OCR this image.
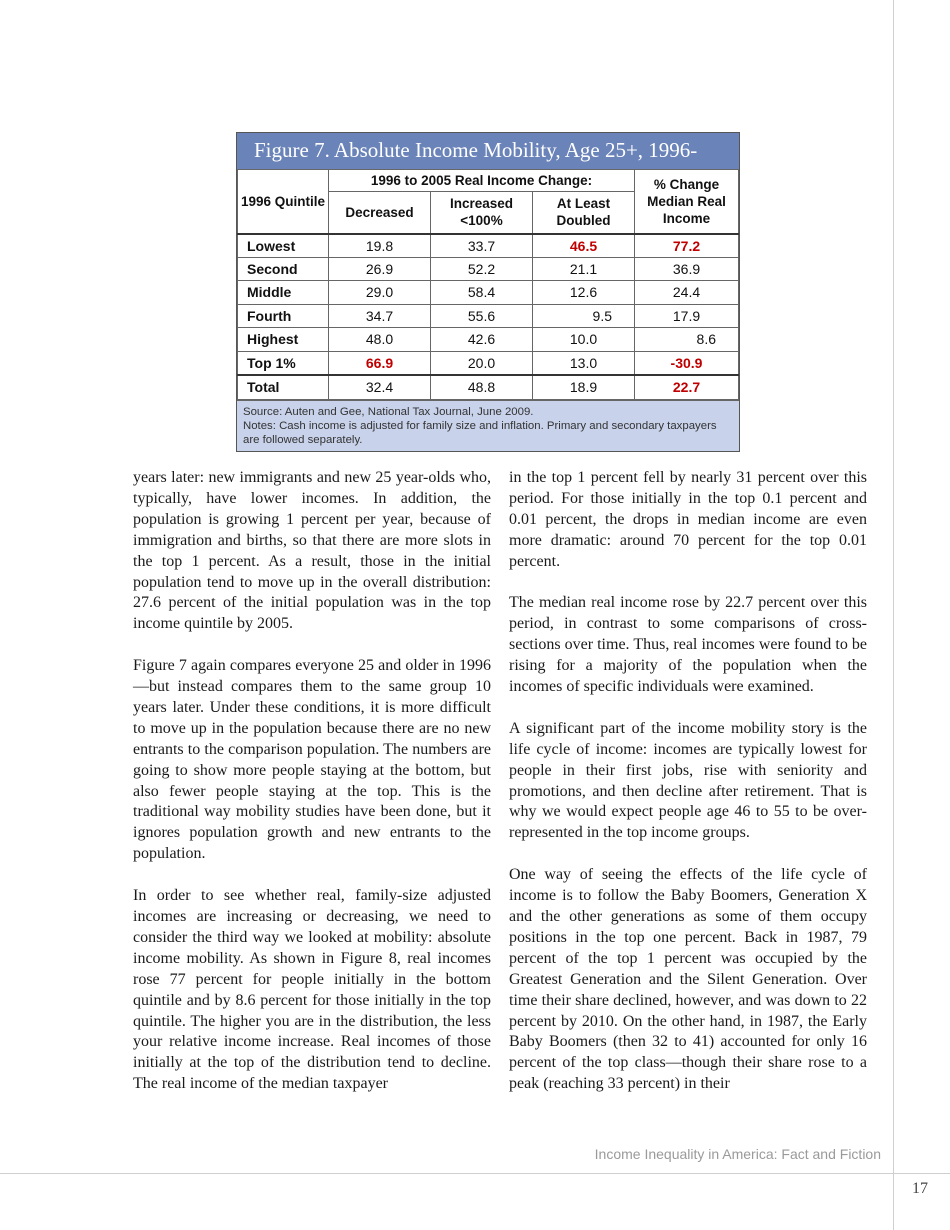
Figure 7. Absolute Income Mobility, Age 25+, 1996-2005
1996 Quintile	1996 to 2005 Real Income Change:			% Change Median Real Income
	Decreased	Increased <100%	At Least Doubled	
Lowest	19.8	33.7	46.5	77.2
Second	26.9	52.2	21.1	36.9
Middle	29.0	58.4	12.6	24.4
Fourth	34.7	55.6	9.5	17.9
Highest	48.0	42.6	10.0	8.6
Top 1%	66.9	20.0	13.0	-30.9
Total	32.4	48.8	18.9	22.7
Source: Auten and Gee, National Tax Journal, June 2009.
Notes: Cash income is adjusted for family size and inflation. Primary and secondary taxpayers are followed separately.

years later: new immigrants and new 25 year-olds who, typically, have lower incomes. In addition, the population is growing 1 percent per year, because of immigration and births, so that there are more slots in the top 1 percent. As a result, those in the initial population tend to move up in the overall distribution: 27.6 percent of the initial population was in the top income quintile by 2005.

Figure 7 again compares everyone 25 and older in 1996—but instead compares them to the same group 10 years later. Under these conditions, it is more difficult to move up in the population because there are no new entrants to the comparison population. The numbers are going to show more people staying at the bottom, but also fewer people staying at the top. This is the traditional way mobility studies have been done, but it ignores population growth and new entrants to the population.

In order to see whether real, family-size adjusted incomes are increasing or decreasing, we need to consider the third way we looked at mobility: absolute income mobility. As shown in Figure 8, real incomes rose 77 percent for people initially in the bottom quintile and by 8.6 percent for those initially in the top quintile. The higher you are in the distribution, the less your relative income increase. Real incomes of those initially at the top of the distribution tend to decline. The real income of the median taxpayer

in the top 1 percent fell by nearly 31 percent over this period. For those initially in the top 0.1 percent and 0.01 percent, the drops in median income are even more dramatic: around 70 percent for the top 0.01 percent.

The median real income rose by 22.7 percent over this period, in contrast to some comparisons of cross-sections over time. Thus, real incomes were found to be rising for a majority of the population when the incomes of specific individuals were examined.

A significant part of the income mobility story is the life cycle of income: incomes are typically lowest for people in their first jobs, rise with seniority and promotions, and then decline after retirement. That is why we would expect people age 46 to 55 to be over-represented in the top income groups.

One way of seeing the effects of the life cycle of income is to follow the Baby Boomers, Generation X and the other generations as some of them occupy positions in the top one percent. Back in 1987, 79 percent of the top 1 percent was occupied by the Greatest Generation and the Silent Generation. Over time their share declined, however, and was down to 22 percent by 2010. On the other hand, in 1987, the Early Baby Boomers (then 32 to 41) accounted for only 16 percent of the top class—though their share rose to a peak (reaching 33 percent) in their

Income Inequality in America: Fact and Fiction
17
